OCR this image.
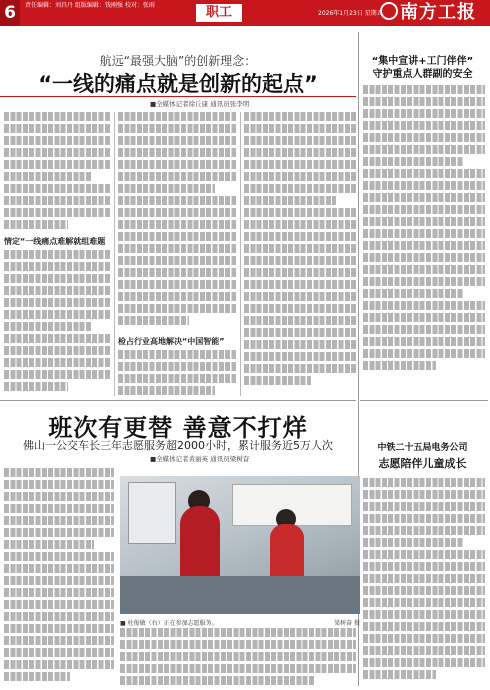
6	责任编辑：刘昌丹 组版编辑：钱刚强 校对：张雨	职工	2026年1月23日 星期五 南方工报
航远“最强大脑”的创新理念：
“一线的痛点就是创新的起点”
■全媒体记者徐丘康 通讯员张李明
情定“一线痛点难解就组难题
检占行业高地解决“中国智能”
“集中宣讲+工门伴伴”
守护重点人群副的安全
班次有更替 善意不打烊
佛山一公交车长三年志愿服务超2000小时，累计服务近5万人次
■全媒体记者黄丽英 通讯员梁树奋
■ 杜俊敏（右）正在参加志愿服务。	梁树奋 摄
中铁二十五局电务公司
志愿陪伴儿童成长
